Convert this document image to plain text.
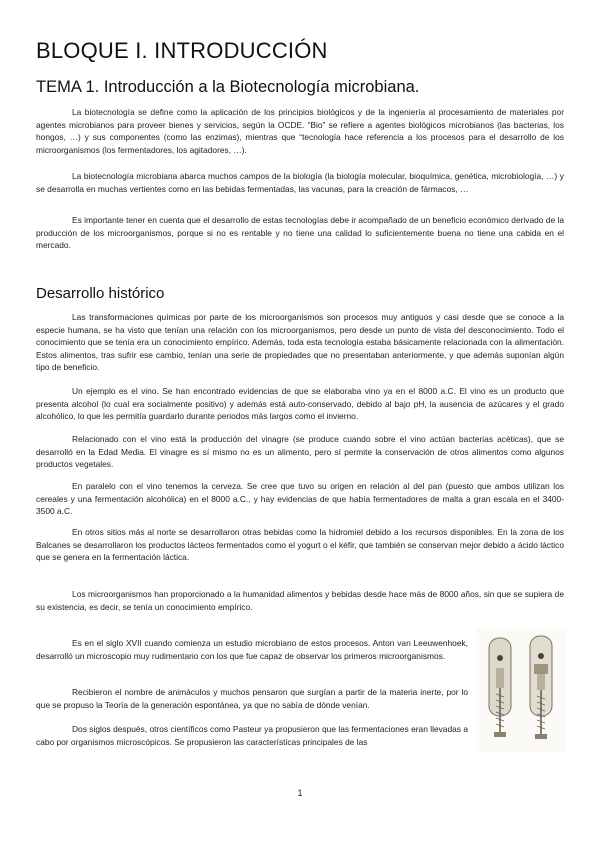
BLOQUE I. INTRODUCCIÓN
TEMA 1. Introducción a la Biotecnología microbiana.

La biotecnología se define como la aplicación de los principios biológicos y de la ingeniería al procesamiento de materiales por agentes microbianos para proveer bienes y servicios, según la OCDE. “Bio” se refiere a agentes biológicos microbianos (las bacterias, los hongos, …) y sus componentes (como las enzimas), mientras que “tecnología hace referencia a los procesos para el desarrollo de los microorganismos (los fermentadores, los agitadores, …).

La biotecnología microbiana abarca muchos campos de la biología (la biología molecular, bioquímica, genética, microbiología, …) y se desarrolla en muchas vertientes como en las bebidas fermentadas, las vacunas, para la creación de fármacos, …

Es importante tener en cuenta que el desarrollo de estas tecnologías debe ir acompañado de un beneficio económico derivado de la producción de los microorganismos, porque si no es rentable y no tiene una calidad lo suficientemente buena no tiene una cabida en el mercado.

Desarrollo histórico

Las transformaciones químicas por parte de los microorganismos son procesos muy antiguos y casi desde que se conoce a la especie humana, se ha visto que tenían una relación con los microorganismos, pero desde un punto de vista del desconocimiento. Todo el conocimiento que se tenía era un conocimiento empírico. Además, toda esta tecnología estaba básicamente relacionada con la alimentación. Estos alimentos, tras sufrir ese cambio, tenían una serie de propiedades que no presentaban anteriormente, y que además suponían algún tipo de beneficio.

Un ejemplo es el vino. Se han encontrado evidencias de que se elaboraba vino ya en el 8000 a.C. El vino es un producto que presenta alcohol (lo cual era socialmente positivo) y además está auto-conservado, debido al bajo pH, la ausencia de azúcares y el grado alcohólico, lo que les permitía guardarlo durante periodos más largos como el invierno.

Relacionado con el vino está la producción del vinagre (se produce cuando sobre el vino actúan bacterias acéticas), que se desarrolló en la Edad Media. El vinagre es sí mismo no es un alimento, pero sí permite la conservación de otros alimentos como algunos productos vegetales.

En paralelo con el vino tenemos la cerveza. Se cree que tuvo su origen en relación al del pan (puesto que ambos utilizan los cereales y una fermentación alcohólica) en el 8000 a.C., y hay evidencias de que había fermentadores de malta a gran escala en el 3400-3500 a.C.

En otros sitios más al norte se desarrollaron otras bebidas como la hidromiel debido a los recursos disponibles. En la zona de los Balcanes se desarrollaron los productos lácteos fermentados como el yogurt o el kéfir, que también se conservan mejor debido a ácido láctico que se genera en la fermentación láctica.

Los microorganismos han proporcionado a la humanidad alimentos y bebidas desde hace más de 8000 años, sin que se supiera de su existencia, es decir, se tenía un conocimiento empírico.

Es en el siglo XVII cuando comienza un estudio microbiano de estos procesos. Anton van Leeuwenhoek, desarrolló un microscopio muy rudimentario con los que fue capaz de observar los primeros microorganismos.

Recibieron el nombre de animáculos y muchos pensaron que surgían a partir de la materia inerte, por lo que se propuso la Teoría de la generación espontánea, ya que no sabía de dónde venían.

Dos siglos después, otros científicos como Pasteur ya propusieron que las fermentaciones eran llevadas a cabo por organismos microscópicos. Se propusieron las características principales de las

1
